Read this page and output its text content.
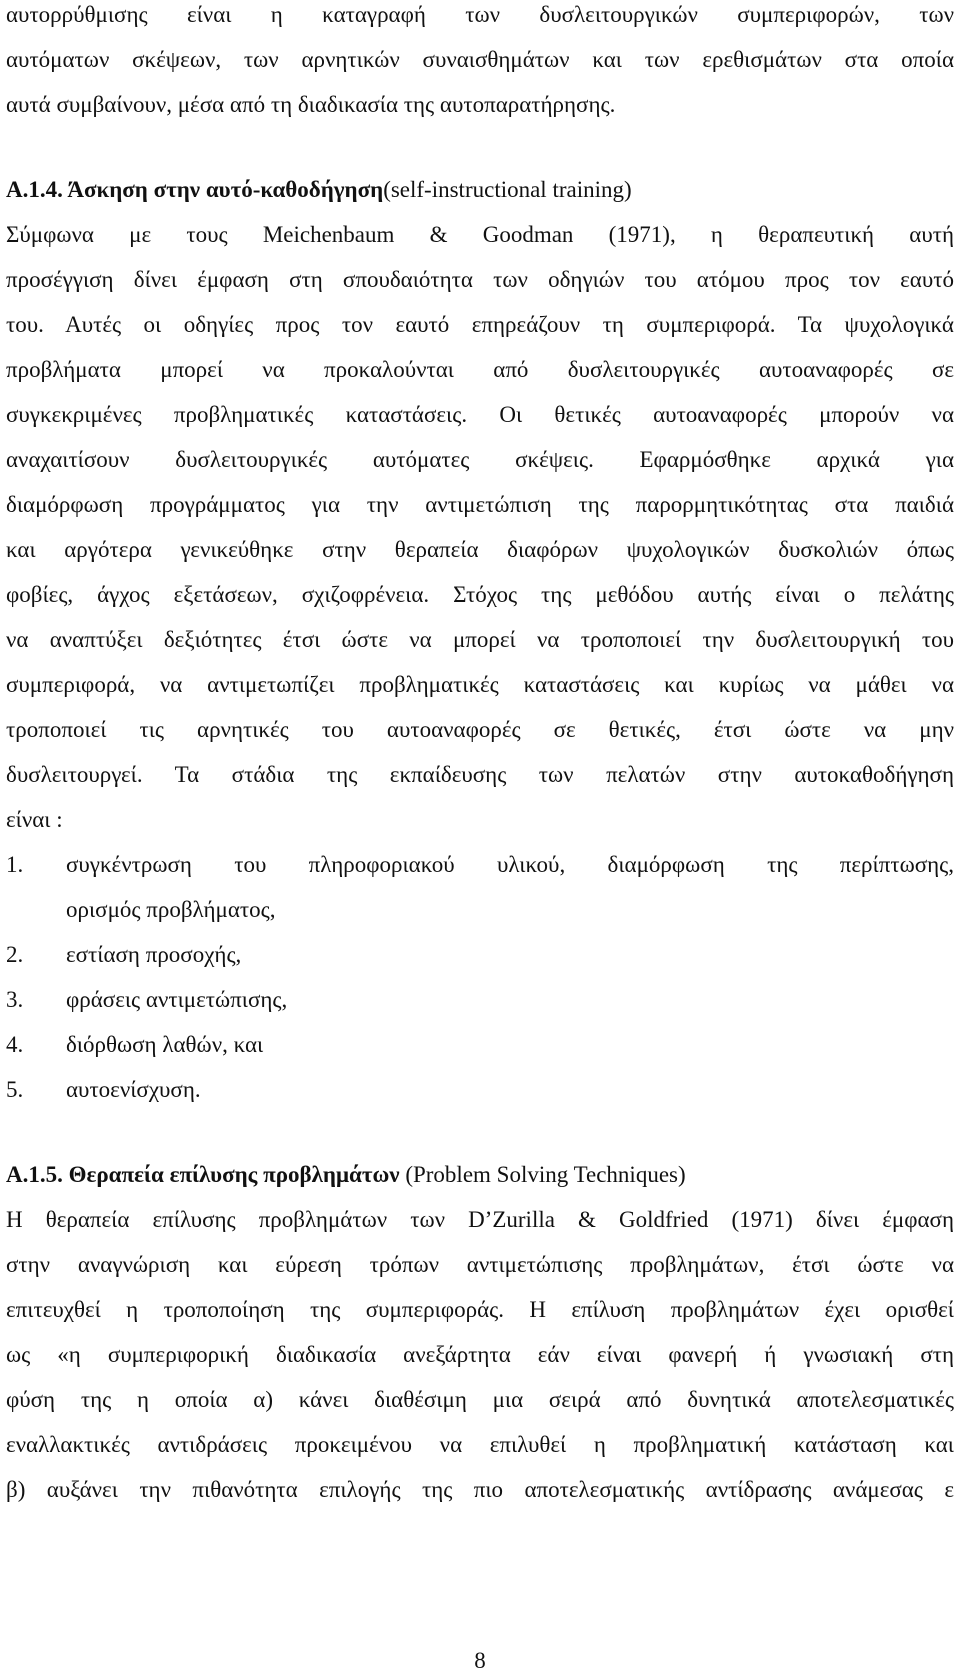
αυτορρύθμισης είναι η καταγραφή των δυσλειτουργικών συμπεριφορών, των
αυτόματων σκέψεων, των αρνητικών συναισθημάτων και των ερεθισμάτων στα οποία
αυτά συμβαίνουν, μέσα από τη διαδικασία της αυτοπαρατήρησης.
Α.1.4. Άσκηση στην αυτό-καθοδήγηση(self-instructional training)
Σύμφωνα με τους Meichenbaum & Goodman (1971), η θεραπευτική αυτή
προσέγγιση δίνει έμφαση στη σπουδαιότητα των οδηγιών του ατόμου προς τον εαυτό
του. Αυτές οι οδηγίες προς τον εαυτό επηρεάζουν τη συμπεριφορά. Τα ψυχολογικά
προβλήματα μπορεί να προκαλούνται από δυσλειτουργικές αυτοαναφορές σε
συγκεκριμένες προβληματικές καταστάσεις. Οι θετικές αυτοαναφορές μπορούν να
αναχαιτίσουν δυσλειτουργικές αυτόματες σκέψεις. Εφαρμόσθηκε αρχικά για
διαμόρφωση προγράμματος για την αντιμετώπιση της παρορμητικότητας στα παιδιά
και αργότερα γενικεύθηκε στην θεραπεία διαφόρων ψυχολογικών δυσκολιών όπως
φοβίες, άγχος εξετάσεων, σχιζοφρένεια. Στόχος της μεθόδου αυτής είναι ο πελάτης
να αναπτύξει δεξιότητες έτσι ώστε να μπορεί να τροποποιεί την δυσλειτουργική του
συμπεριφορά, να αντιμετωπίζει προβληματικές καταστάσεις και κυρίως να μάθει να
τροποποιεί τις αρνητικές του αυτοαναφορές σε θετικές, έτσι ώστε να μην
δυσλειτουργεί. Τα στάδια της εκπαίδευσης των πελατών στην αυτοκαθοδήγηση
είναι :
1. συγκέντρωση του πληροφοριακού υλικού, διαμόρφωση της περίπτωσης,
ορισμός προβλήματος,
2. εστίαση προσοχής,
3. φράσεις αντιμετώπισης,
4. διόρθωση λαθών, και
5. αυτοενίσχυση.
Α.1.5. Θεραπεία επίλυσης προβλημάτων (Problem Solving Techniques)
Η θεραπεία επίλυσης προβλημάτων των D’Zurilla & Goldfried (1971) δίνει έμφαση
στην αναγνώριση και εύρεση τρόπων αντιμετώπισης προβλημάτων, έτσι ώστε να
επιτευχθεί η τροποποίηση της συμπεριφοράς. Η επίλυση προβλημάτων έχει ορισθεί
ως «η συμπεριφορική διαδικασία ανεξάρτητα εάν είναι φανερή ή γνωσιακή στη
φύση της η οποία α) κάνει διαθέσιμη μια σειρά από δυνητικά αποτελεσματικές
εναλλακτικές αντιδράσεις προκειμένου να επιλυθεί η προβληματική κατάσταση και
β) αυξάνει την πιθανότητα επιλογής της πιο αποτελεσματικής αντίδρασης ανάμεσας ε
8
